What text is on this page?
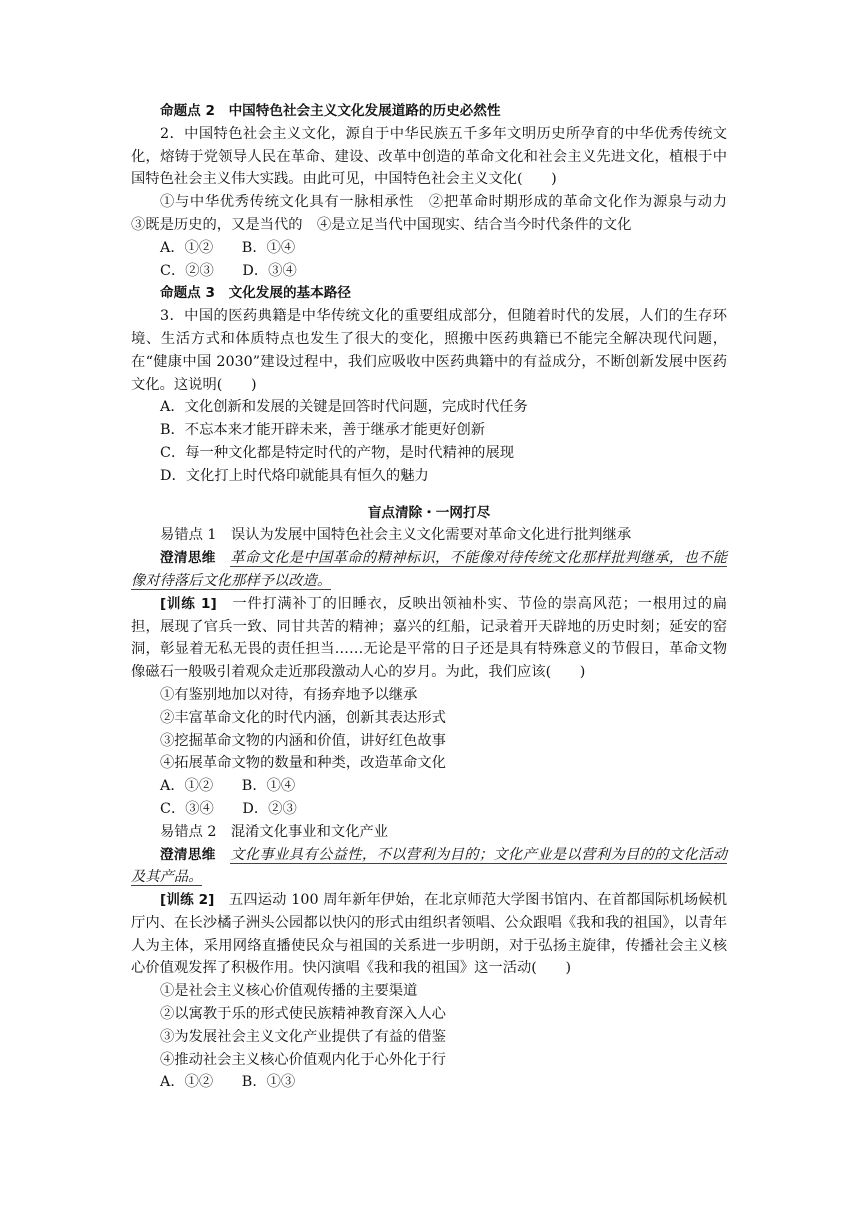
命题点 2　中国特色社会主义文化发展道路的历史必然性

2．中国特色社会主义文化，源自于中华民族五千多年文明历史所孕育的中华优秀传统文化，熔铸于党领导人民在革命、建设、改革中创造的革命文化和社会主义先进文化，植根于中国特色社会主义伟大实践。由此可见，中国特色社会主义文化(　　)

①与中华优秀传统文化具有一脉相承性　②把革命时期形成的革命文化作为源泉与动力　③既是历史的，又是当代的　④是立足当代中国现实、结合当今时代条件的文化

A．①②　　B．①④

C．②③　　D．③④

命题点 3　文化发展的基本路径

3．中国的医药典籍是中华传统文化的重要组成部分，但随着时代的发展，人们的生存环境、生活方式和体质特点也发生了很大的变化，照搬中医药典籍已不能完全解决现代问题，在“健康中国 2030”建设过程中，我们应吸收中医药典籍中的有益成分，不断创新发展中医药文化。这说明(　　)

A．文化创新和发展的关键是回答时代问题，完成时代任务

B．不忘本来才能开辟未来，善于继承才能更好创新

C．每一种文化都是特定时代的产物，是时代精神的展现

D．文化打上时代烙印就能具有恒久的魅力

盲点清除・一网打尽

易错点 1　误认为发展中国特色社会主义文化需要对革命文化进行批判继承

澄清思维　 革命文化是中国革命的精神标识，不能像对待传统文化那样批判继承，也不能像对待落后文化那样予以改造。

[训练 1]　 一件打满补丁的旧睡衣，反映出领袖朴实、节俭的崇高风范；一根用过的扁担，展现了官兵一致、同甘共苦的精神；嘉兴的红船，记录着开天辟地的历史时刻；延安的窑洞，彰显着无私无畏的责任担当……无论是平常的日子还是具有特殊意义的节假日，革命文物像磁石一般吸引着观众走近那段激动人心的岁月。为此，我们应该(　　)

①有鉴别地加以对待，有扬弃地予以继承

②丰富革命文化的时代内涵，创新其表达形式

③挖掘革命文物的内涵和价值，讲好红色故事

④拓展革命文物的数量和种类，改造革命文化

A．①②　　B．①④

C．③④　　D．②③

易错点 2　混淆文化事业和文化产业

澄清思维　 文化事业具有公益性，不以营利为目的；文化产业是以营利为目的的文化活动及其产品。

[训练 2]　 五四运动 100 周年新年伊始，在北京师范大学图书馆内、在首都国际机场候机厅内、在长沙橘子洲头公园都以快闪的形式由组织者领唱、公众跟唱《我和我的祖国》，以青年人为主体，采用网络直播使民众与祖国的关系进一步明朗，对于弘扬主旋律，传播社会主义核心价值观发挥了积极作用。快闪演唱《我和我的祖国》这一活动(　　)

①是社会主义核心价值观传播的主要渠道

②以寓教于乐的形式使民族精神教育深入人心

③为发展社会主义文化产业提供了有益的借鉴

④推动社会主义核心价值观内化于心外化于行

A．①②　　B．①③
